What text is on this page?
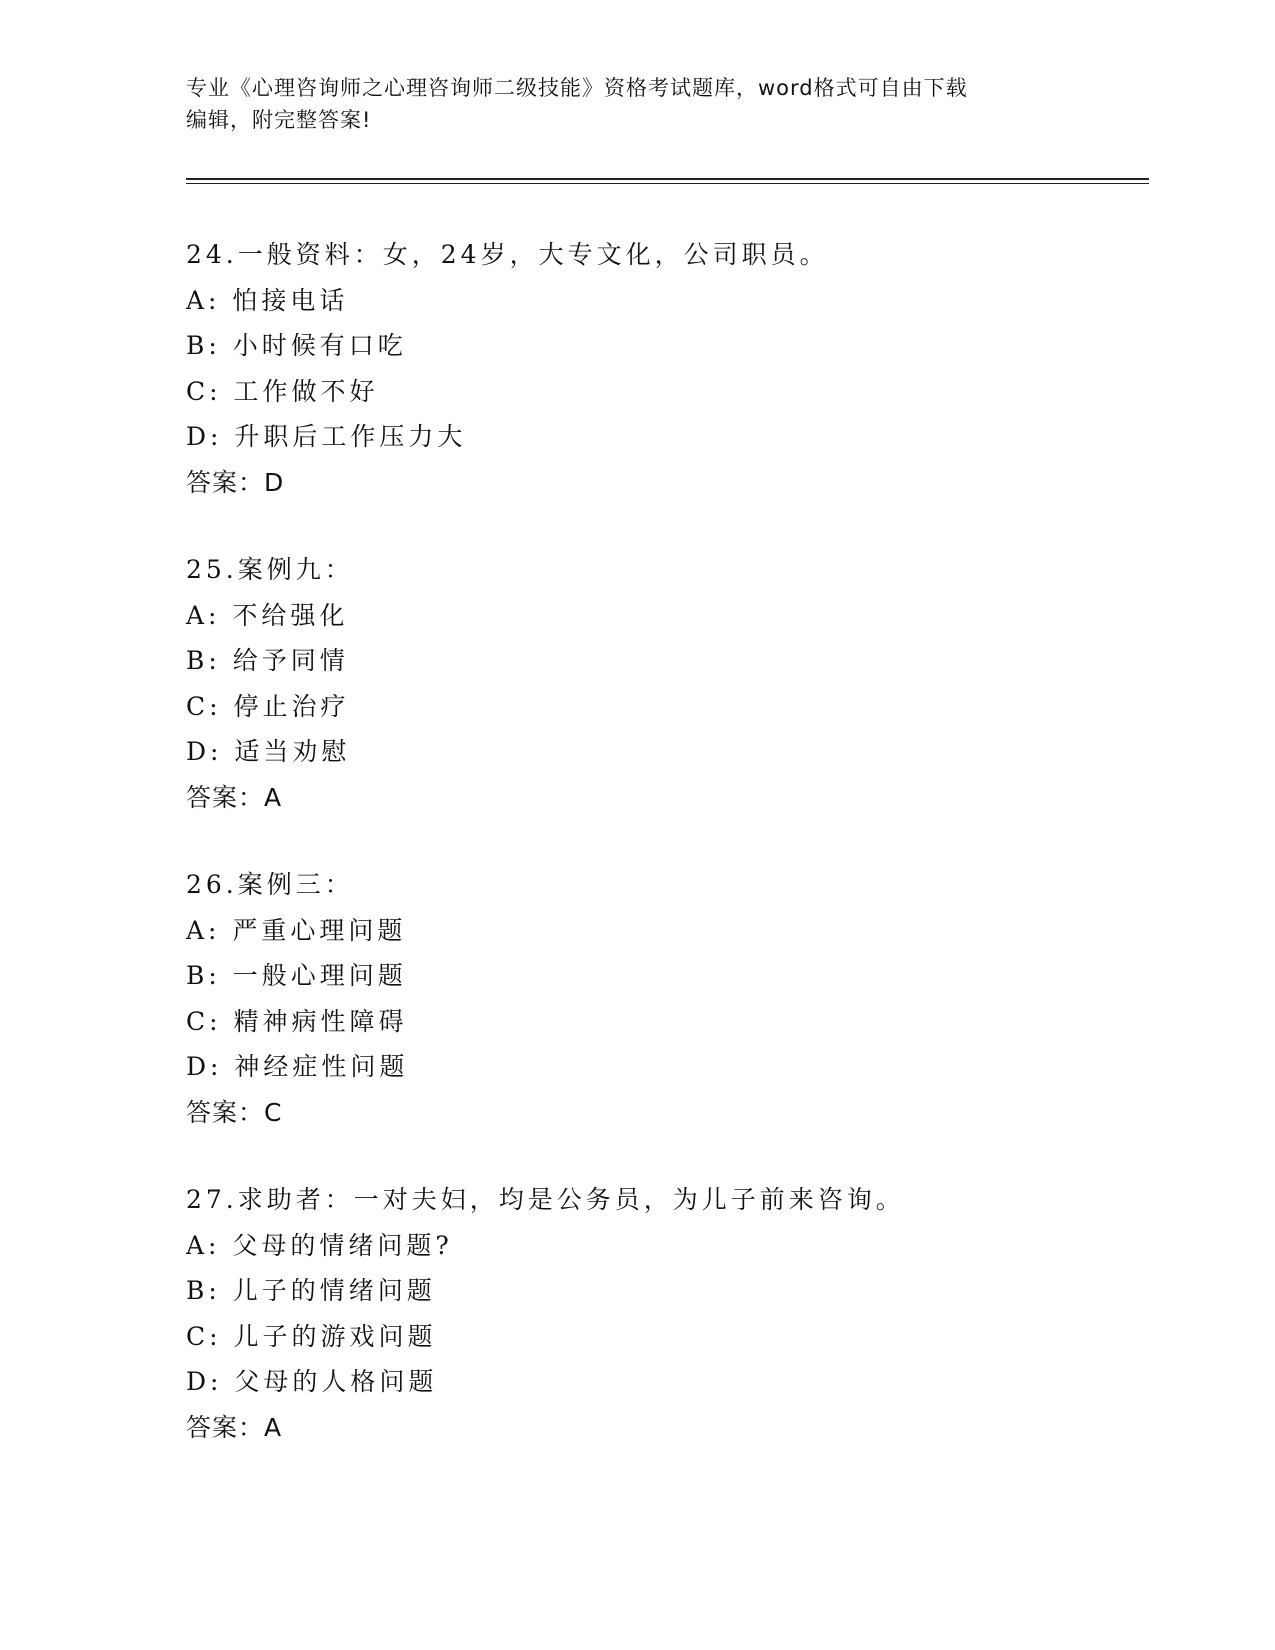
专业《心理咨询师之心理咨询师二级技能》资格考试题库，word格式可自由下载
编辑，附完整答案!
24.一般资料：女，24岁，大专文化，公司职员。
A: 怕接电话
B: 小时候有口吃
C: 工作做不好
D: 升职后工作压力大
答案：D
25.案例九：
A: 不给强化
B: 给予同情
C: 停止治疗
D: 适当劝慰
答案：A
26.案例三：
A: 严重心理问题
B: 一般心理问题
C: 精神病性障碍
D: 神经症性问题
答案：C
27.求助者：一对夫妇，均是公务员，为儿子前来咨询。
A: 父母的情绪问题?
B: 儿子的情绪问题
C: 儿子的游戏问题
D: 父母的人格问题
答案：A
